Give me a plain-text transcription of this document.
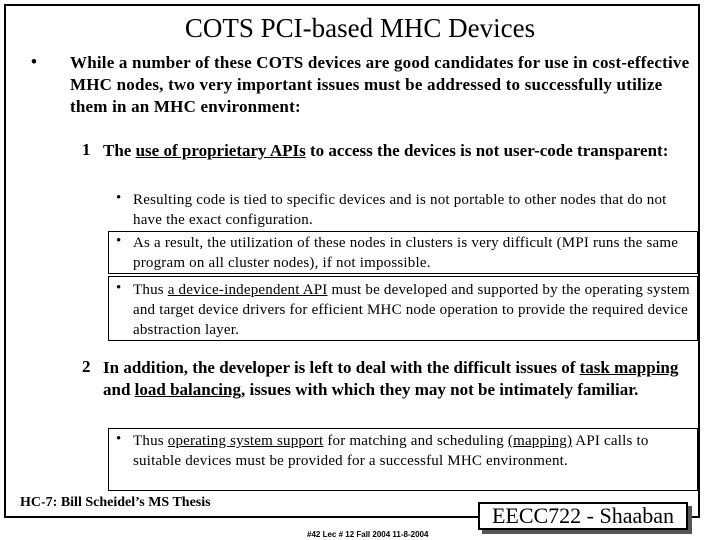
COTS PCI-based MHC Devices
• While a number of these COTS devices are good candidates for use in cost-effective MHC nodes, two very important issues must be addressed to successfully utilize them in an MHC environment:

1 The use of proprietary APIs to access the devices is not user-code transparent:

• Resulting code is tied to specific devices and is not portable to other nodes that do not have the exact configuration.

• As a result, the utilization of these nodes in clusters is very difficult (MPI runs the same program on all cluster nodes), if not impossible.

• Thus a device-independent API must be developed and supported by the operating system and target device drivers for efficient MHC node operation to provide the required device abstraction layer.

2 In addition, the developer is left to deal with the difficult issues of task mapping and load balancing, issues with which they may not be intimately familiar.

• Thus operating system support for matching and scheduling (mapping) API calls to suitable devices must be provided for a successful MHC environment.

HC-7: Bill Scheidel’s MS Thesis
EECC722 - Shaaban
#42 Lec # 12 Fall 2004 11-8-2004
